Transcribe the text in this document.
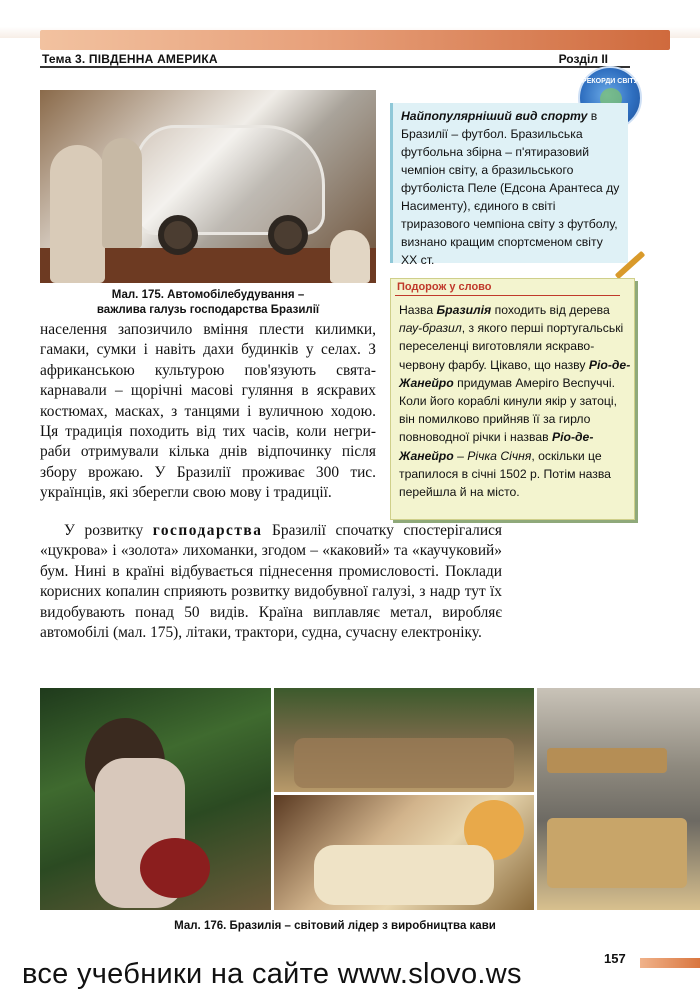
Тема 3. ПІВДЕННА АМЕРИКА	Розділ ІІ
РЕКОРДИ СВІТУ
Мал. 175. Автомобілебудування –
важлива галузь господарства Бразилії
Найпопулярніший вид спорту в Бразилії – футбол. Бразильська футбольна збірна – п'ятиразовий чемпіон світу, а бразильського футболіста Пеле (Едсона Арантеса ду Насименту), єдиного в світі триразового чемпіона світу з футболу, визнано кращим спортсменом світу XX ст.
Подорож у слово
Назва Бразилія походить від дерева пау-бразил, з якого перші португальські переселенці виготовляли яскраво-червону фарбу. Цікаво, що назву Ріо-де-Жанейро придумав Амеріго Веспуччі. Коли його кораблі кинули якір у затоці, він помилково прийняв її за гирло повноводної річки і назвав Ріо-де-Жанейро – Річка Січня, оскільки це трапилося в січні 1502 р. Потім назва перейшла й на місто.
населення запозичило вміння плести килимки, гамаки, сумки і навіть дахи будинків у селах. З африканською культурою пов'язують свята-карнавали – щорічні масові гуляння в яскравих костюмах, масках, з танцями і вуличною ходою. Ця традиція походить від тих часів, коли негри-раби отримували кілька днів відпочинку після збору врожаю. У Бразилії проживає 300 тис. українців, які зберегли свою мову і традиції.
У розвитку господарства Бразилії спочатку спостерігалися «цукрова» і «золота» лихоманки, згодом – «каковий» та «каучуковий» бум. Нині в країні відбувається піднесення промисловості. Поклади корисних копалин сприяють розвитку видобувної галузі, з надр тут їх видобувають понад 50 видів. Країна виплавляє метал, виробляє автомобілі (мал. 175), літаки, трактори, судна, сучасну електроніку.
Мал. 176. Бразилія – світовий лідер з виробництва кави
157
все учебники на сайте www.slovo.ws
